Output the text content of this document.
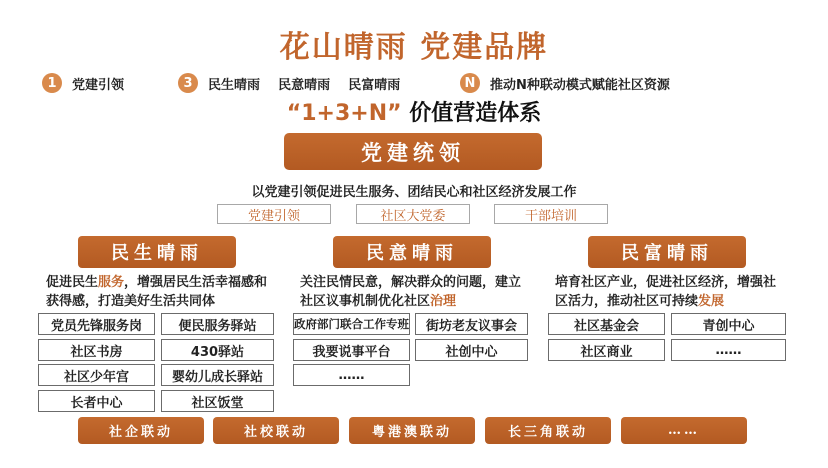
花山晴雨 党建品牌
1	党建引领	3	民生晴雨    民意晴雨    民富晴雨	N	推动N种联动模式赋能社区资源
“1+3+N” 价值营造体系
党建统领
以党建引领促进民生服务、团结民心和社区经济发展工作
党建引领	社区大党委	干部培训
民生晴雨
促进民生服务，增强居民生活幸福感和获得感，打造美好生活共同体
党员先锋服务岗	便民服务驿站
社区书房	430驿站
社区少年宫	婴幼儿成长驿站
长者中心	社区饭堂
民意晴雨
关注民情民意，解决群众的问题，建立社区议事机制优化社区治理
政府部门联合工作专班	街坊老友议事会
我要说事平台	社创中心
……
民富晴雨
培育社区产业，促进社区经济，增强社区活力，推动社区可持续发展
社区基金会	青创中心
社区商业	……
社企联动	社校联动	粤港澳联动	长三角联动	……
